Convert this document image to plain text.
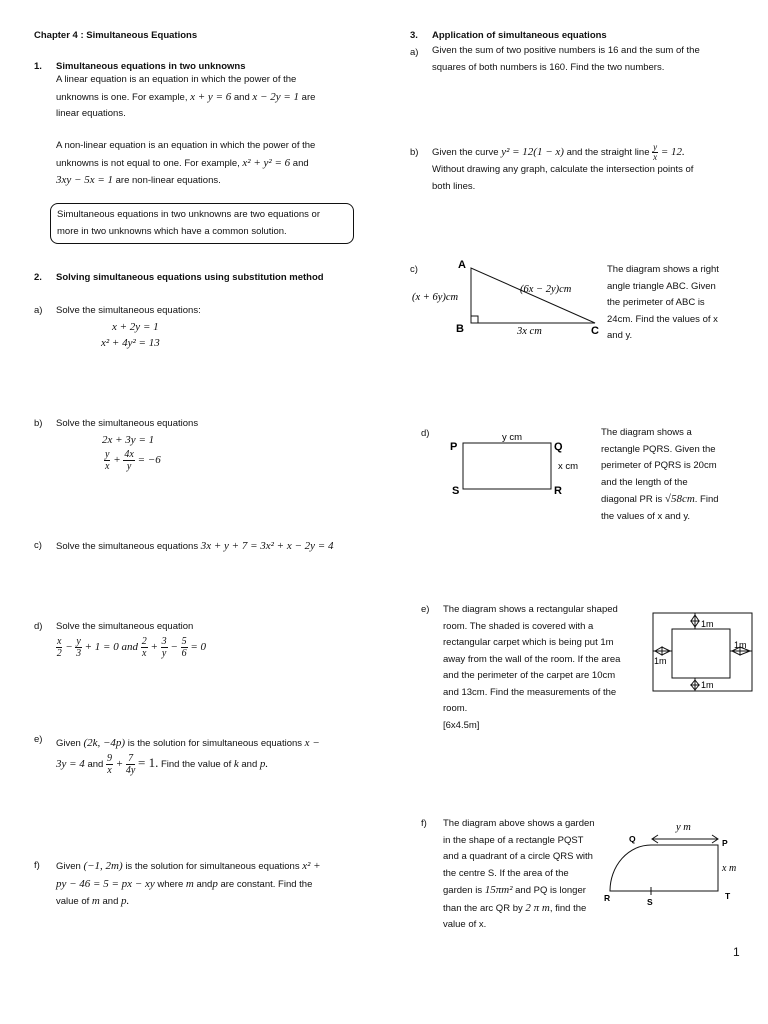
Chapter 4 : Simultaneous Equations
1. Simultaneous equations in two unknowns
A linear equation is an equation in which the power of the
unknowns is one. For example, x + y = 6 and x − 2y = 1 are
linear equations.
A non-linear equation is an equation in which the power of the
unknowns is not equal to one. For example, x² + y² = 6 and
3xy − 5x = 1 are non-linear equations.
Simultaneous equations in two unknowns are two equations or
more in two unknowns which have a common solution.
2. Solving simultaneous equations using substitution method
a) Solve the simultaneous equations:
x + 2y = 1
x² + 4y² = 13
b) Solve the simultaneous equations
2x + 3y = 1
$\frac{y}{x} + \frac{4x}{y} = -6$
c) Solve the simultaneous equations 3x + y + 7 = 3x² + x − 2y = 4
d) Solve the simultaneous equation
$\frac{x}{2} - \frac{y}{3} + 1 = 0$ and $\frac{2}{x} + \frac{3}{y} - \frac{5}{6} = 0$
e) Given (2k, −4p) is the solution for simultaneous equations x −
3y = 4 and $\frac{9}{x} + \frac{7}{4y} = 1$. Find the value of k and p.
f) Given (−1, 2m) is the solution for simultaneous equations x² +
py − 46 = 5 = px − xy where m andp are constant. Find the
value of m and p.
3. Application of simultaneous equations
a) Given the sum of two positive numbers is 16 and the sum of the
squares of both numbers is 160. Find the two numbers.
b) Given the curve y² = 12(1 − x) and the straight line $\frac{y}{x} = 12$.
Without drawing any graph, calculate the intersection points of
both lines.
c)	A
B	C
(x + 6y)cm
(6x − 2y)cm
3x cm
The diagram shows a right
angle triangle ABC. Given
the perimeter of ABC is
24cm. Find the values of x
and y.
d)
P	Q
R
S
y cm
x cm
The diagram shows a
rectangle PQRS. Given the
perimeter of PQRS is 20cm
and the length of the
diagonal PR is √58cm. Find
the values of x and y.
e) The diagram shows a rectangular shaped
room. The shaded is covered with a
rectangular carpet which is being put 1m
away from the wall of the room. If the area
and the perimeter of the carpet are 10cm
and 13cm. Find the measurements of the
room.
[6x4.5m]
1m
1m
1m
1m
f) The diagram above shows a garden
in the shape of a rectangle PQST
and a quadrant of a circle QRS with
the centre S. If the area of the
garden is 15πm² and PQ is longer
than the arc QR by 2 π m, find the
value of x.
y m
Q	P
R	S
T
x m
1
